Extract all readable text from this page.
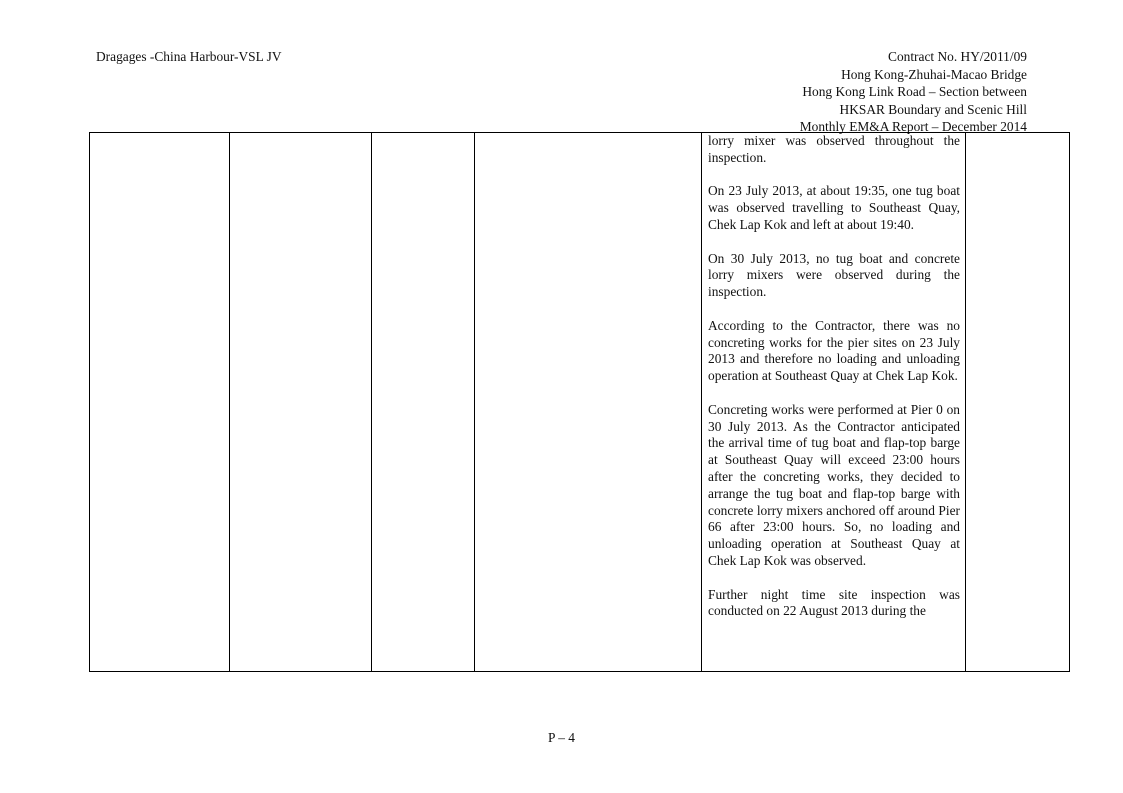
Dragages -China Harbour-VSL JV	Contract No. HY/2011/09
Hong Kong-Zhuhai-Macao Bridge
Hong Kong Link Road – Section between
HKSAR Boundary and Scenic Hill
Monthly EM&A Report – December 2014

lorry mixer was observed throughout the inspection.

On 23 July 2013, at about 19:35, one tug boat was observed travelling to Southeast Quay, Chek Lap Kok and left at about 19:40.

On 30 July 2013, no tug boat and concrete lorry mixers were observed during the inspection.

According to the Contractor, there was no concreting works for the pier sites on 23 July 2013 and therefore no loading and unloading operation at Southeast Quay at Chek Lap Kok.

Concreting works were performed at Pier 0 on 30 July 2013. As the Contractor anticipated the arrival time of tug boat and flap-top barge at Southeast Quay will exceed 23:00 hours after the concreting works, they decided to arrange the tug boat and flap-top barge with concrete lorry mixers anchored off around Pier 66 after 23:00 hours. So, no loading and unloading operation at Southeast Quay at Chek Lap Kok was observed.

Further night time site inspection was conducted on 22 August 2013 during the

P – 4
